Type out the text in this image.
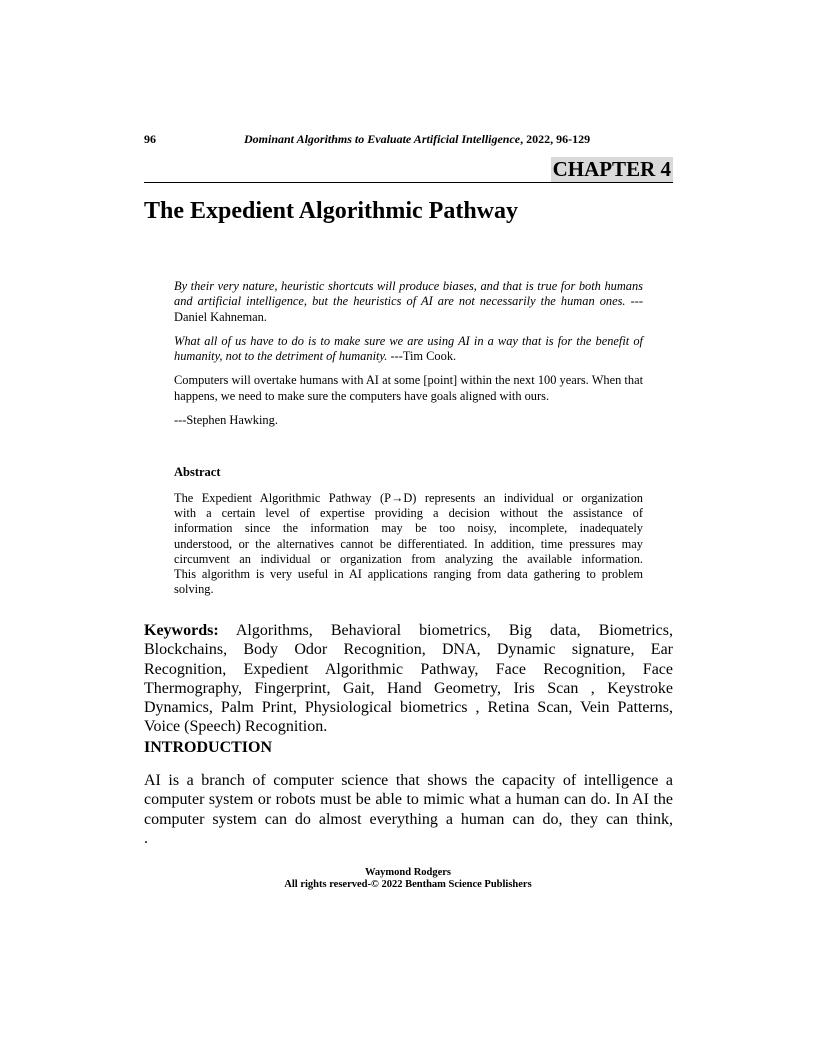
96	Dominant Algorithms to Evaluate Artificial Intelligence, 2022, 96-129
CHAPTER 4
The Expedient Algorithmic Pathway

By their very nature, heuristic shortcuts will produce biases, and that is true for both humans and artificial intelligence, but the heuristics of AI are not necessarily the human ones. ---Daniel Kahneman.

What all of us have to do is to make sure we are using AI in a way that is for the benefit of humanity, not to the detriment of humanity. ---Tim Cook.

Computers will overtake humans with AI at some [point] within the next 100 years. When that happens, we need to make sure the computers have goals aligned with ours.

---Stephen Hawking.

Abstract
The Expedient Algorithmic Pathway (P→D) represents an individual or organization
with a certain level of expertise providing a decision without the assistance of
information since the information may be too noisy, incomplete, inadequately
understood, or the alternatives cannot be differentiated. In addition, time pressures may
circumvent an individual or organization from analyzing the available information.
This algorithm is very useful in AI applications ranging from data gathering to problem
solving.
Keywords: Algorithms, Behavioral biometrics, Big data, Biometrics,
Blockchains, Body Odor Recognition, DNA, Dynamic signature, Ear
Recognition, Expedient Algorithmic Pathway, Face Recognition, Face
Thermography, Fingerprint, Gait, Hand Geometry, Iris Scan , Keystroke
Dynamics, Palm Print, Physiological biometrics , Retina Scan, Vein Patterns,
Voice (Speech) Recognition.
INTRODUCTION
AI is a branch of computer science that shows the capacity of intelligence a
computer system or robots must be able to mimic what a human can do. In AI the
computer system can do almost everything a human can do, they can think,
.
Waymond Rodgers
All rights reserved-© 2022 Bentham Science Publishers
